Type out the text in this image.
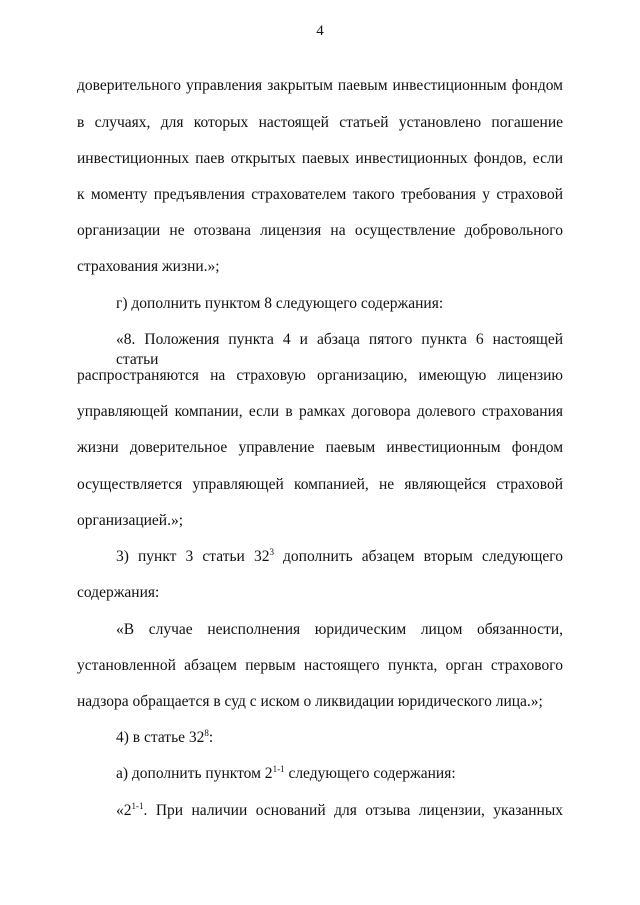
4
доверительного управления закрытым паевым инвестиционным фондом
в случаях, для которых настоящей статьей установлено погашение
инвестиционных паев открытых паевых инвестиционных фондов, если
к моменту предъявления страхователем такого требования у страховой
организации не отозвана лицензия на осуществление добровольного
страхования жизни.»;
г) дополнить пунктом 8 следующего содержания:
«8. Положения пункта 4 и абзаца пятого пункта 6 настоящей статьи
распространяются на страховую организацию, имеющую лицензию
управляющей компании, если в рамках договора долевого страхования
жизни доверительное управление паевым инвестиционным фондом
осуществляется управляющей компанией, не являющейся страховой
организацией.»;
3) пункт 3 статьи $32^3$ дополнить абзацем вторым следующего
содержания:
«В случае неисполнения юридическим лицом обязанности,
установленной абзацем первым настоящего пункта, орган страхового
надзора обращается в суд с иском о ликвидации юридического лица.»;
4) в статье $32^8$:
а) дополнить пунктом 2$^{1-1}$ следующего содержания:
«2$^{1-1}$. При наличии оснований для отзыва лицензии, указанных
